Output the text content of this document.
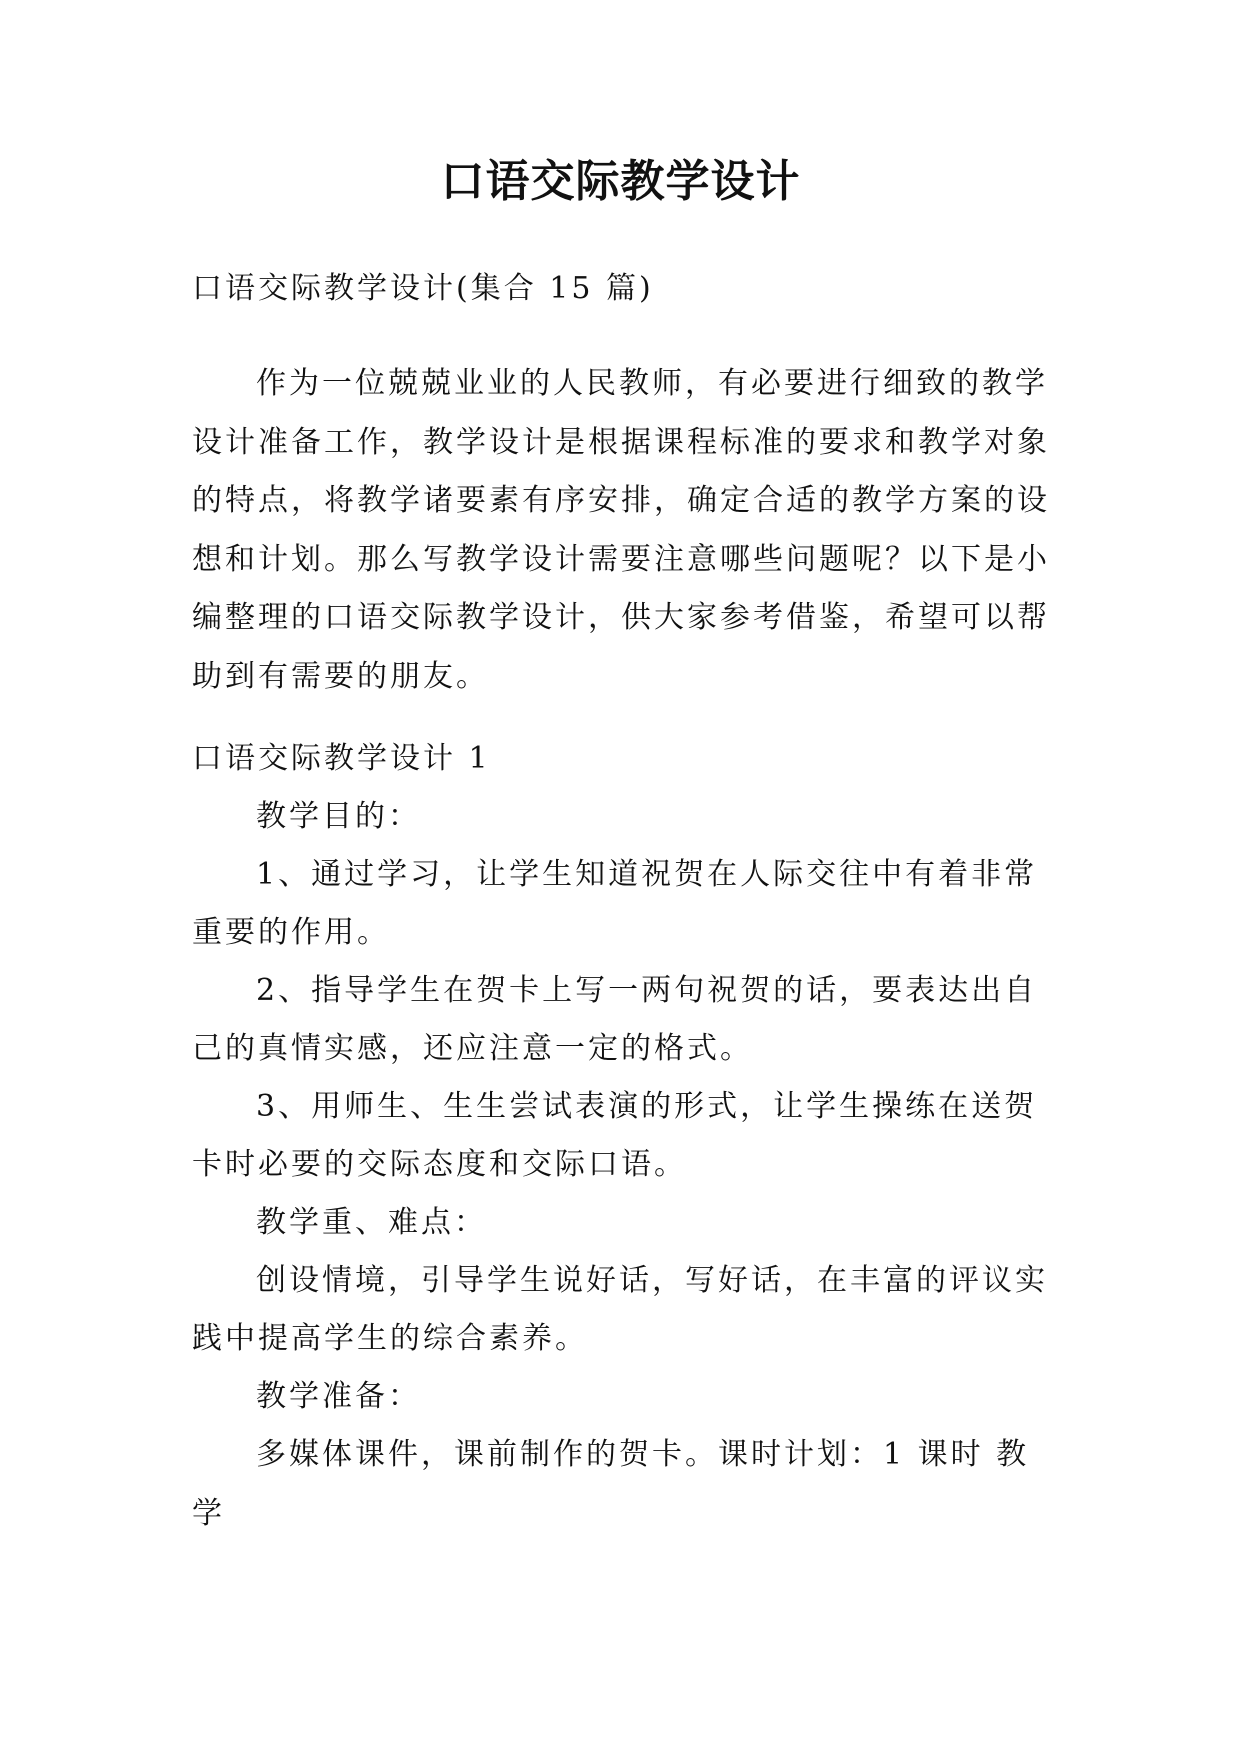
口语交际教学设计

口语交际教学设计(集合 15 篇)

作为一位兢兢业业的人民教师，有必要进行细致的教学设计准备工作，教学设计是根据课程标准的要求和教学对象的特点，将教学诸要素有序安排，确定合适的教学方案的设想和计划。那么写教学设计需要注意哪些问题呢？以下是小编整理的口语交际教学设计，供大家参考借鉴，希望可以帮助到有需要的朋友。

口语交际教学设计 1

教学目的：

1、通过学习，让学生知道祝贺在人际交往中有着非常重要的作用。

2、指导学生在贺卡上写一两句祝贺的话，要表达出自己的真情实感，还应注意一定的格式。

3、用师生、生生尝试表演的形式，让学生操练在送贺卡时必要的交际态度和交际口语。

教学重、难点：

创设情境，引导学生说好话，写好话，在丰富的评议实践中提高学生的综合素养。

教学准备：

多媒体课件，课前制作的贺卡。课时计划：1 课时 教学
